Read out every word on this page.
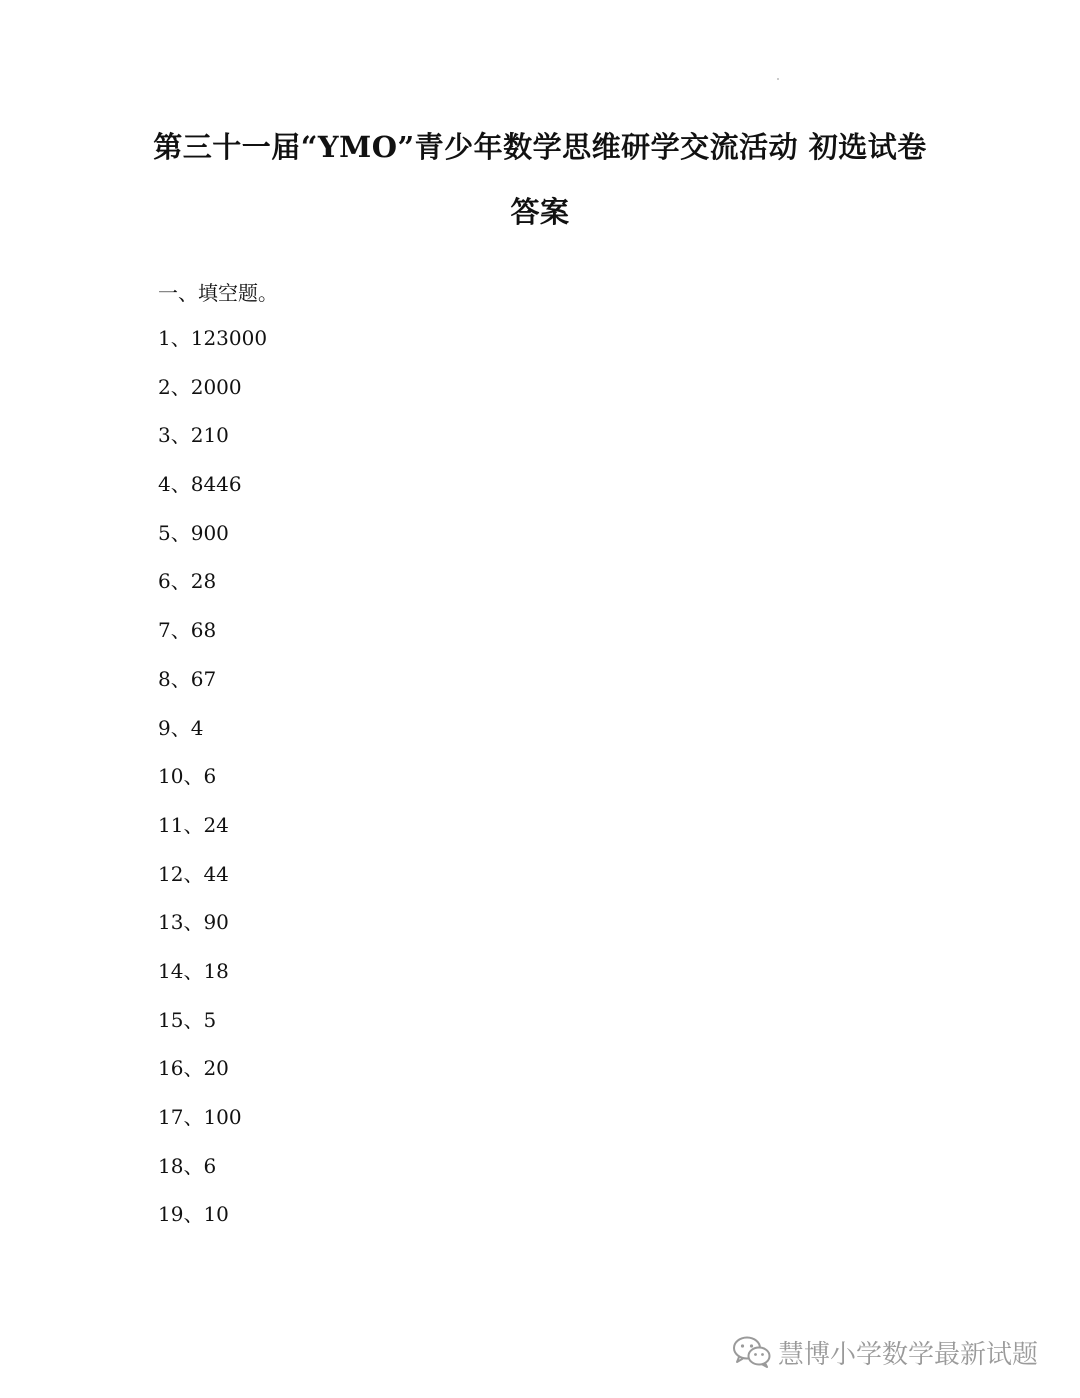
第三十一届“YMO”青少年数学思维研学交流活动 初选试卷
答案
一、填空题。
1、123000
2、2000
3、210
4、8446
5、900
6、28
7、68
8、67
9、4
10、6
11、24
12、44
13、90
14、18
15、5
16、20
17、100
18、6
19、10
慧博小学数学最新试题
